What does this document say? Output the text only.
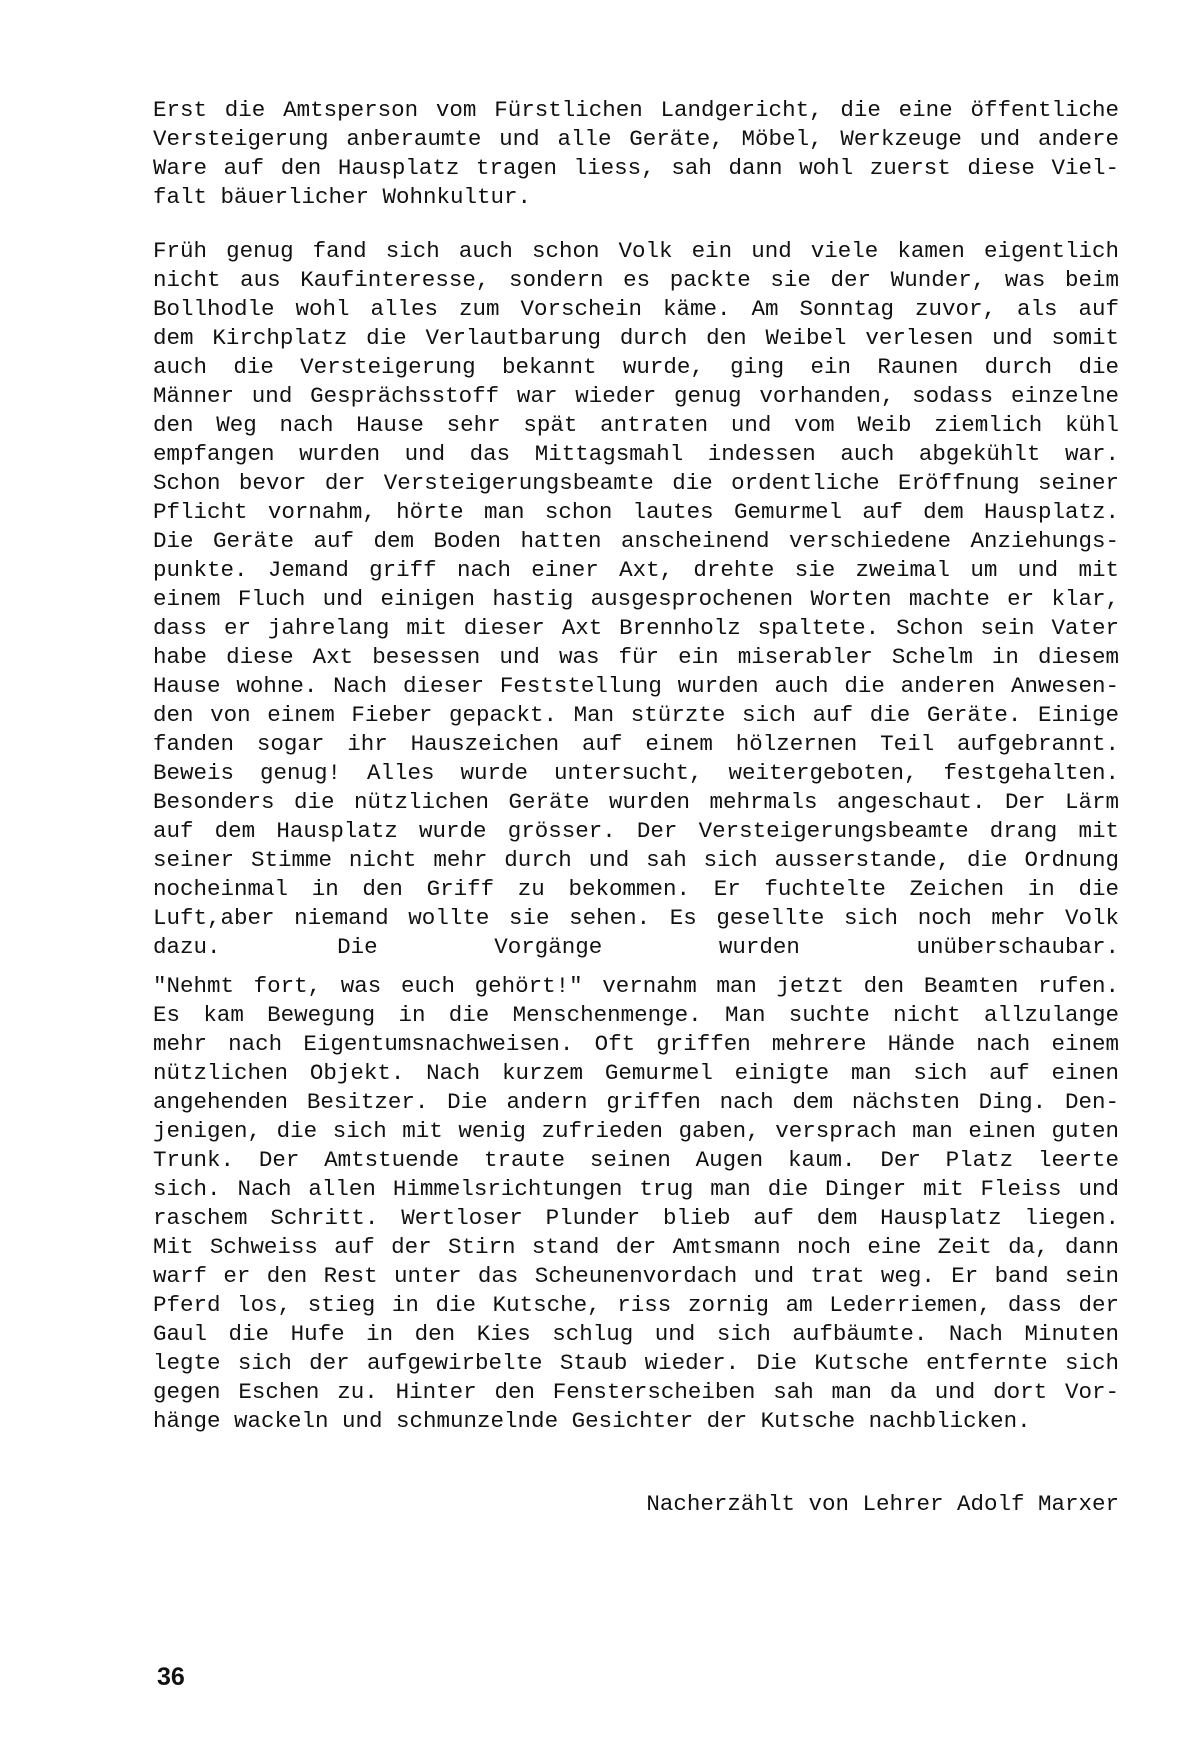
Erst die Amtsperson vom Fürstlichen Landgericht, die eine öffentliche
Versteigerung anberaumte und alle Geräte, Möbel, Werkzeuge und andere
Ware auf den Hausplatz tragen liess, sah dann wohl zuerst diese Viel-
falt bäuerlicher Wohnkultur.
Früh genug fand sich auch schon Volk ein und viele kamen eigentlich
nicht aus Kaufinteresse, sondern es packte sie der Wunder, was beim
Bollhodle wohl alles zum Vorschein käme. Am Sonntag zuvor, als auf
dem Kirchplatz die Verlautbarung durch den Weibel verlesen und somit
auch die Versteigerung bekannt wurde, ging ein Raunen durch die
Männer und Gesprächsstoff war wieder genug vorhanden, sodass einzelne
den Weg nach Hause sehr spät antraten und vom Weib ziemlich kühl
empfangen wurden und das Mittagsmahl indessen auch abgekühlt war.
Schon bevor der Versteigerungsbeamte die ordentliche Eröffnung seiner
Pflicht vornahm, hörte man schon lautes Gemurmel auf dem Hausplatz.
Die Geräte auf dem Boden hatten anscheinend verschiedene Anziehungs-
punkte. Jemand griff nach einer Axt, drehte sie zweimal um und mit
einem Fluch und einigen hastig ausgesprochenen Worten machte er klar,
dass er jahrelang mit dieser Axt Brennholz spaltete. Schon sein Vater
habe diese Axt besessen und was für ein miserabler Schelm in diesem
Hause wohne. Nach dieser Feststellung wurden auch die anderen Anwesen-
den von einem Fieber gepackt. Man stürzte sich auf die Geräte. Einige
fanden sogar ihr Hauszeichen auf einem hölzernen Teil aufgebrannt.
Beweis genug! Alles wurde untersucht, weitergeboten, festgehalten.
Besonders die nützlichen Geräte wurden mehrmals angeschaut. Der Lärm
auf dem Hausplatz wurde grösser. Der Versteigerungsbeamte drang mit
seiner Stimme nicht mehr durch und sah sich ausserstande, die Ordnung
nocheinmal in den Griff zu bekommen. Er fuchtelte Zeichen in die
Luft,aber niemand wollte sie sehen. Es gesellte sich noch mehr Volk
dazu. Die Vorgänge wurden unüberschaubar.
"Nehmt fort, was euch gehört!" vernahm man jetzt den Beamten rufen.
Es kam Bewegung in die Menschenmenge. Man suchte nicht allzulange
mehr nach Eigentumsnachweisen. Oft griffen mehrere Hände nach einem
nützlichen Objekt. Nach kurzem Gemurmel einigte man sich auf einen
angehenden Besitzer. Die andern griffen nach dem nächsten Ding. Den-
jenigen, die sich mit wenig zufrieden gaben, versprach man einen guten
Trunk. Der Amtstuende traute seinen Augen kaum. Der Platz leerte
sich. Nach allen Himmelsrichtungen trug man die Dinger mit Fleiss und
raschem Schritt. Wertloser Plunder blieb auf dem Hausplatz liegen.
Mit Schweiss auf der Stirn stand der Amtsmann noch eine Zeit da, dann
warf er den Rest unter das Scheunenvordach und trat weg. Er band sein
Pferd los, stieg in die Kutsche, riss zornig am Lederriemen, dass der
Gaul die Hufe in den Kies schlug und sich aufbäumte. Nach Minuten
legte sich der aufgewirbelte Staub wieder. Die Kutsche entfernte sich
gegen Eschen zu. Hinter den Fensterscheiben sah man da und dort Vor-
hänge wackeln und schmunzelnde Gesichter der Kutsche nachblicken.
Nacherzählt von Lehrer Adolf Marxer
36
